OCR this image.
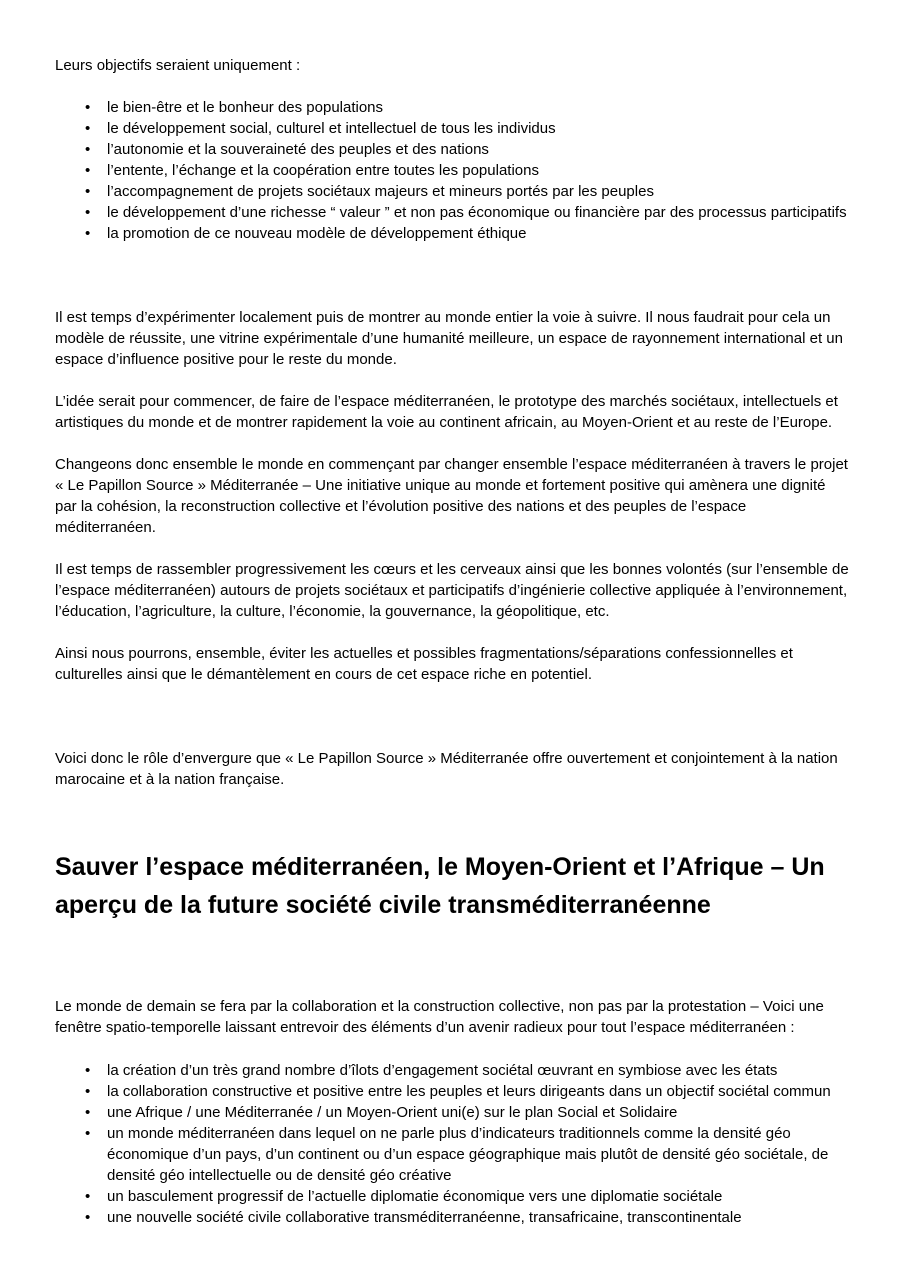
Leurs objectifs seraient uniquement :

• le bien-être et le bonheur des populations
• le développement social, culturel et intellectuel de tous les individus
• l’autonomie et la souveraineté des peuples et des nations
• l’entente, l’échange et la coopération entre toutes les populations
• l’accompagnement de projets sociétaux majeurs et mineurs portés par les peuples
• le développement d’une richesse “ valeur ” et non pas économique ou financière par des processus participatifs
• la promotion de ce nouveau modèle de développement éthique

Il est temps d’expérimenter localement puis de montrer au monde entier la voie à suivre. Il nous faudrait pour cela un modèle de réussite, une vitrine expérimentale d’une humanité meilleure, un espace de rayonnement international et un espace d’influence positive pour le reste du monde.

L’idée serait pour commencer, de faire de l’espace méditerranéen, le prototype des marchés sociétaux, intellectuels et artistiques du monde et de montrer rapidement la voie au continent africain, au Moyen-Orient et au reste de l’Europe.

Changeons donc ensemble le monde en commençant par changer ensemble l’espace méditerranéen à travers le projet « Le Papillon Source » Méditerranée – Une initiative unique au monde et fortement positive qui amènera une dignité par la cohésion, la reconstruction collective et l’évolution positive des nations et des peuples de l’espace méditerranéen.

Il est temps de rassembler progressivement les cœurs et les cerveaux ainsi que les bonnes volontés (sur l’ensemble de l’espace méditerranéen) autours de projets sociétaux et participatifs d’ingénierie collective appliquée à l’environnement, l’éducation, l’agriculture, la culture, l’économie, la gouvernance, la géopolitique, etc.

Ainsi nous pourrons, ensemble, éviter les actuelles et possibles fragmentations/séparations confessionnelles et culturelles ainsi que le démantèlement en cours de cet espace riche en potentiel.

Voici donc le rôle d’envergure que « Le Papillon Source » Méditerranée offre ouvertement et conjointement à la nation marocaine et à la nation française.

Sauver l’espace méditerranéen, le Moyen-Orient et l’Afrique – Un aperçu de la future société civile transméditerranéenne

Le monde de demain se fera par la collaboration et la construction collective, non pas par la protestation – Voici une fenêtre spatio-temporelle laissant entrevoir des éléments d’un avenir radieux pour tout l’espace méditerranéen :

• la création d’un très grand nombre d’îlots d’engagement sociétal œuvrant en symbiose avec les états
• la collaboration constructive et positive entre les peuples et leurs dirigeants dans un objectif sociétal commun
• une Afrique / une Méditerranée / un Moyen-Orient uni(e) sur le plan Social et Solidaire
• un monde méditerranéen dans lequel on ne parle plus d’indicateurs traditionnels comme la densité géo économique d’un pays, d’un continent ou d’un espace géographique mais plutôt de densité géo sociétale, de densité géo intellectuelle ou de densité géo créative
• un basculement progressif de l’actuelle diplomatie économique vers une diplomatie sociétale
• une nouvelle société civile collaborative transméditerranéenne, transafricaine, transcontinentale
